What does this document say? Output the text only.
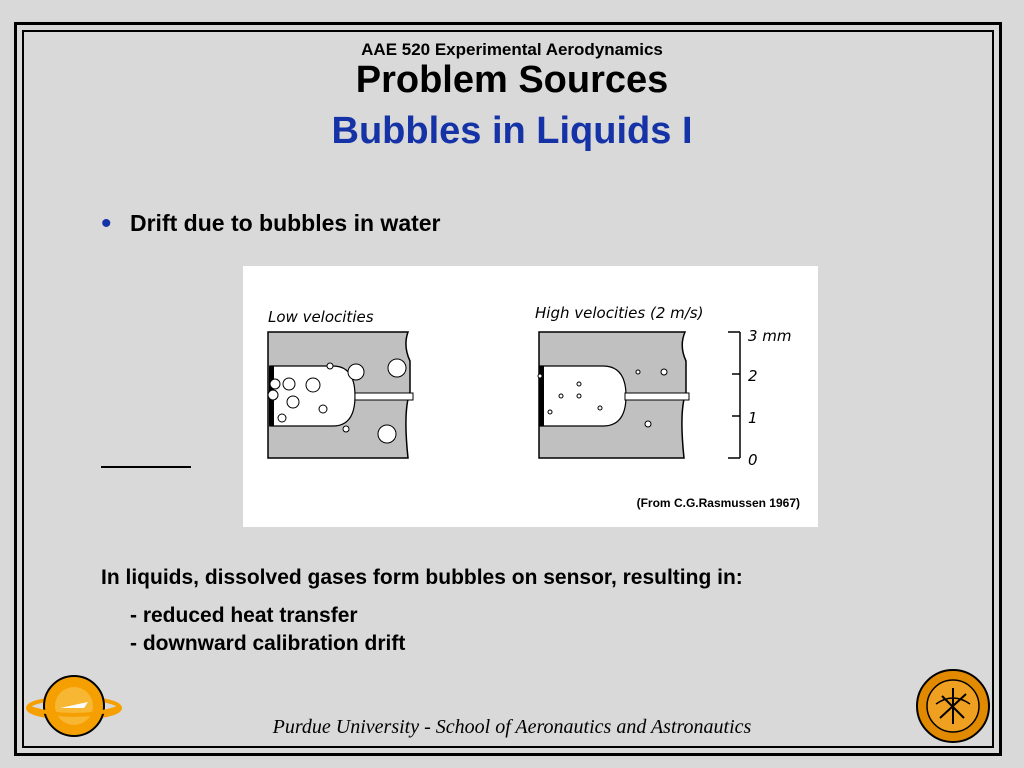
AAE 520 Experimental Aerodynamics
Problem Sources
Bubbles in Liquids I
• Drift due to bubbles in water
Low velocities	High velocities (2 m/s)
3 mm
2
1
0
(From C.G.Rasmussen 1967)
In liquids, dissolved gases form bubbles on sensor, resulting in:
- reduced heat transfer
- downward calibration drift
Purdue University - School of Aeronautics and Astronautics
